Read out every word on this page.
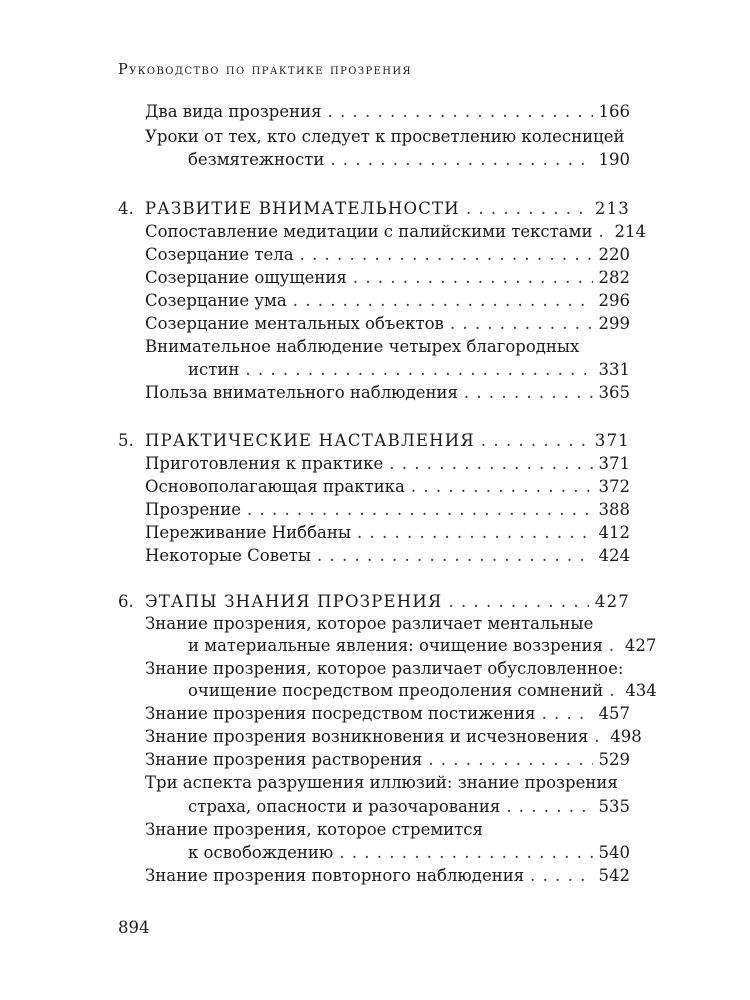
Руководство по практике прозрения
Два вида прозрения . . .	166
Уроки от тех, кто следует к просветлению колесницей
безмятежности . . .	190
4. РАЗВИТИЕ ВНИМАТЕЛЬНОСТИ . . .	213
Сопоставление медитации с палийскими текстами . . . 214
Созерцание тела . . .	220
Созерцание ощущения . . .	282
Созерцание ума . . .	296
Созерцание ментальных объектов . . .	299
Внимательное наблюдение четырех благородных
истин . . .	331
Польза внимательного наблюдения . . .	365
5. ПРАКТИЧЕСКИЕ НАСТАВЛЕНИЯ . . .	371
Приготовления к практике . . .	371
Основополагающая практика . . .	372
Прозрение . . .	388
Переживание Ниббаны . . .	412
Некоторые Советы . . .	424
6. ЭТАПЫ ЗНАНИЯ ПРОЗРЕНИЯ . . .	427
Знание прозрения, которое различает ментальные
и материальные явления: очищение воззрения . . . 427
Знание прозрения, которое различает обусловленное:
очищение посредством преодоления сомнений . . . 434
Знание прозрения посредством постижения . . .	457
Знание прозрения возникновения и исчезновения . . . 498
Знание прозрения растворения . . .	529
Три аспекта разрушения иллюзий: знание прозрения
страха, опасности и разочарования . . .	535
Знание прозрения, которое стремится
к освобождению . . .	540
Знание прозрения повторного наблюдения . . .	542
894
